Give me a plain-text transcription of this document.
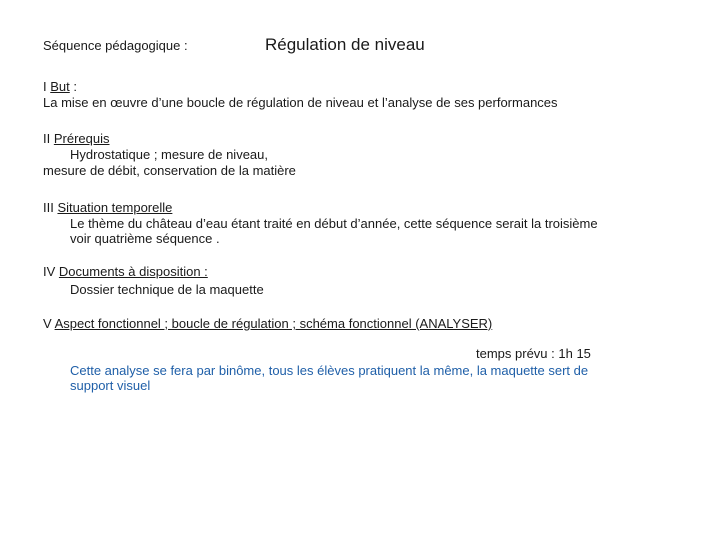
Séquence pédagogique :	Régulation de niveau
I But :
La mise en œuvre d’une boucle de régulation de niveau et l’analyse de ses performances
II Prérequis
Hydrostatique ; mesure de niveau,
mesure de débit, conservation de la matière
III Situation temporelle
Le thème du château d’eau étant traité en début d’année, cette séquence serait la troisième
voir quatrième séquence .
IV Documents à disposition :
Dossier technique de la maquette
V Aspect fonctionnel ; boucle de régulation ; schéma fonctionnel (ANALYSER)
temps prévu : 1h 15
Cette analyse se fera par binôme, tous les élèves pratiquent la même, la maquette sert de
support visuel
